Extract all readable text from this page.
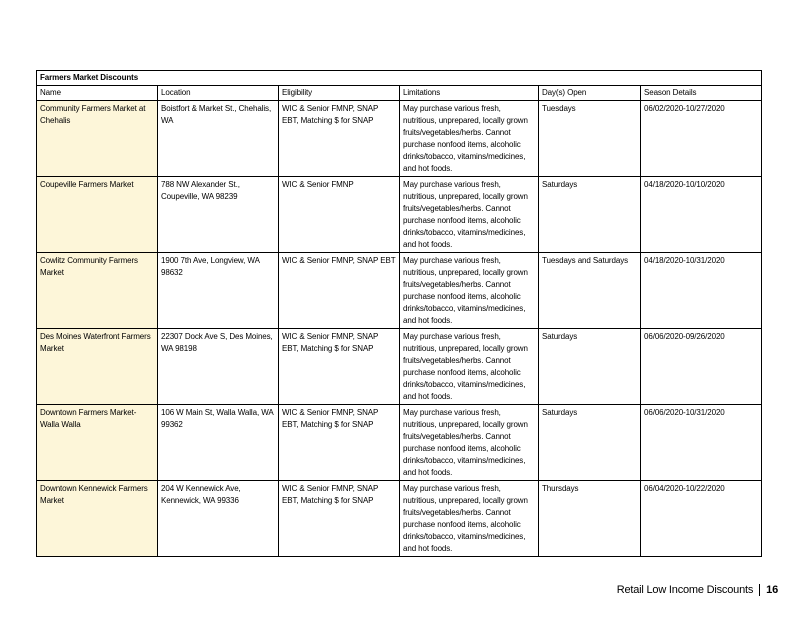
Farmers Market Discounts					
Name	Location	Eligibility	Limitations	Day(s) Open	Season Details
Community Farmers Market at Chehalis	Boistfort & Market St., Chehalis, WA	WIC & Senior FMNP, SNAP EBT, Matching $ for SNAP	May purchase various fresh, nutritious, unprepared, locally grown fruits/vegetables/herbs. Cannot purchase nonfood items, alcoholic drinks/tobacco, vitamins/medicines, and hot foods.	Tuesdays	06/02/2020-10/27/2020
Coupeville Farmers Market	788 NW Alexander St., Coupeville, WA 98239	WIC & Senior FMNP	May purchase various fresh, nutritious, unprepared, locally grown fruits/vegetables/herbs. Cannot purchase nonfood items, alcoholic drinks/tobacco, vitamins/medicines, and hot foods.	Saturdays	04/18/2020-10/10/2020
Cowlitz Community Farmers Market	1900 7th Ave, Longview, WA 98632	WIC & Senior FMNP, SNAP EBT	May purchase various fresh, nutritious, unprepared, locally grown fruits/vegetables/herbs. Cannot purchase nonfood items, alcoholic drinks/tobacco, vitamins/medicines, and hot foods.	Tuesdays and Saturdays	04/18/2020-10/31/2020
Des Moines Waterfront Farmers Market	22307 Dock Ave S, Des Moines, WA 98198	WIC & Senior FMNP, SNAP EBT, Matching $ for SNAP	May purchase various fresh, nutritious, unprepared, locally grown fruits/vegetables/herbs. Cannot purchase nonfood items, alcoholic drinks/tobacco, vitamins/medicines, and hot foods.	Saturdays	06/06/2020-09/26/2020
Downtown Farmers Market-Walla Walla	106 W Main St, Walla Walla, WA 99362	WIC & Senior FMNP, SNAP EBT, Matching $ for SNAP	May purchase various fresh, nutritious, unprepared, locally grown fruits/vegetables/herbs. Cannot purchase nonfood items, alcoholic drinks/tobacco, vitamins/medicines, and hot foods.	Saturdays	06/06/2020-10/31/2020
Downtown Kennewick Farmers Market	204 W Kennewick Ave, Kennewick, WA 99336	WIC & Senior FMNP, SNAP EBT, Matching $ for SNAP	May purchase various fresh, nutritious, unprepared, locally grown fruits/vegetables/herbs. Cannot purchase nonfood items, alcoholic drinks/tobacco, vitamins/medicines, and hot foods.	Thursdays	06/04/2020-10/22/2020
Retail Low Income Discounts 16
